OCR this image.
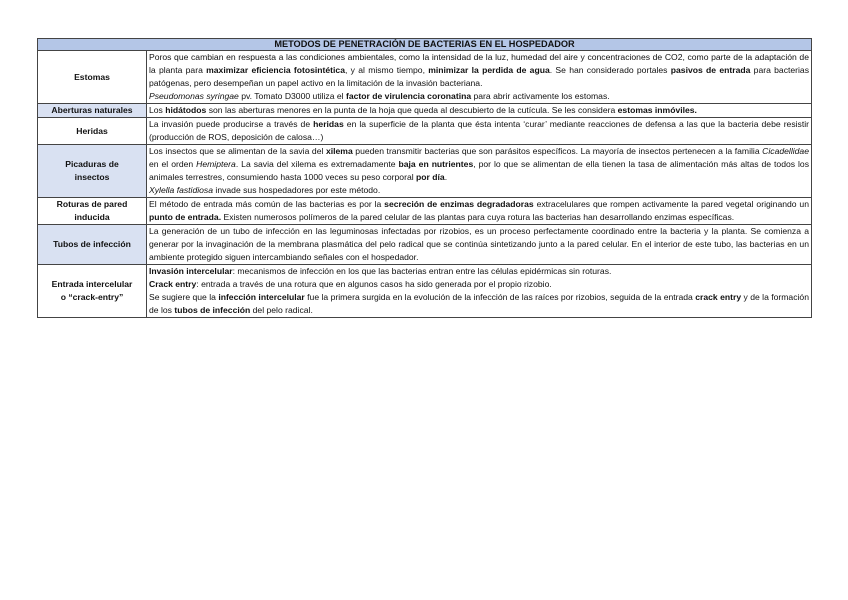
METODOS DE PENETRACIÓN DE BACTERIAS EN EL HOSPEDADOR	
Estomas	Poros que cambian en respuesta a las condiciones ambientales, como la intensidad de la luz, humedad del aire y concentraciones de CO2, como parte de la adaptación de la planta para maximizar eficiencia fotosintética, y al mismo tiempo, minimizar la perdida de agua. Se han considerado portales pasivos de entrada para bacterias patógenas, pero desempeñan un papel activo en la limitación de la invasión bacteriana.
Pseudomonas syringae pv. Tomato D3000 utiliza el factor de virulencia coronatina para abrir activamente los estomas.

Aberturas naturales	Los hidátodos son las aberturas menores en la punta de la hoja que queda al descubierto de la cutícula. Se les considera estomas inmóviles.

Heridas	La invasión puede producirse a través de heridas en la superficie de la planta que ésta intenta ‘curar’ mediante reacciones de defensa a las que la bacteria debe resistir (producción de ROS, deposición de calosa…)

Picaduras de insectos	Los insectos que se alimentan de la savia del xilema pueden transmitir bacterias que son parásitos específicos. La mayoría de insectos pertenecen a la familia Cicadellidae en el orden Hemiptera. La savia del xilema es extremadamente baja en nutrientes, por lo que se alimentan de ella tienen la tasa de alimentación más altas de todos los animales terrestres, consumiendo hasta 1000 veces su peso corporal por día.
Xylella fastidiosa invade sus hospedadores por este método.

Roturas de pared inducida	El método de entrada más común de las bacterias es por la secreción de enzimas degradadoras extracelulares que rompen activamente la pared vegetal originando un punto de entrada. Existen numerosos polímeros de la pared celular de las plantas para cuya rotura las bacterias han desarrollando enzimas específicas.

Tubos de infección	La generación de un tubo de infección en las leguminosas infectadas por rizobios, es un proceso perfectamente coordinado entre la bacteria y la planta. Se comienza a generar por la invaginación de la membrana plasmática del pelo radical que se continúa sintetizando junto a la pared celular. En el interior de este tubo, las bacterias en un ambiente protegido siguen intercambiando señales con el hospedador.

Entrada intercelular o “crack-entry”	Invasión intercelular: mecanismos de infección en los que las bacterias entran entre las células epidérmicas sin roturas.
Crack entry: entrada a través de una rotura que en algunos casos ha sido generada por el propio rizobio.
Se sugiere que la infección intercelular fue la primera surgida en la evolución de la infección de las raíces por rizobios, seguida de la entrada crack entry y de la formación de los tubos de infección del pelo radical.
